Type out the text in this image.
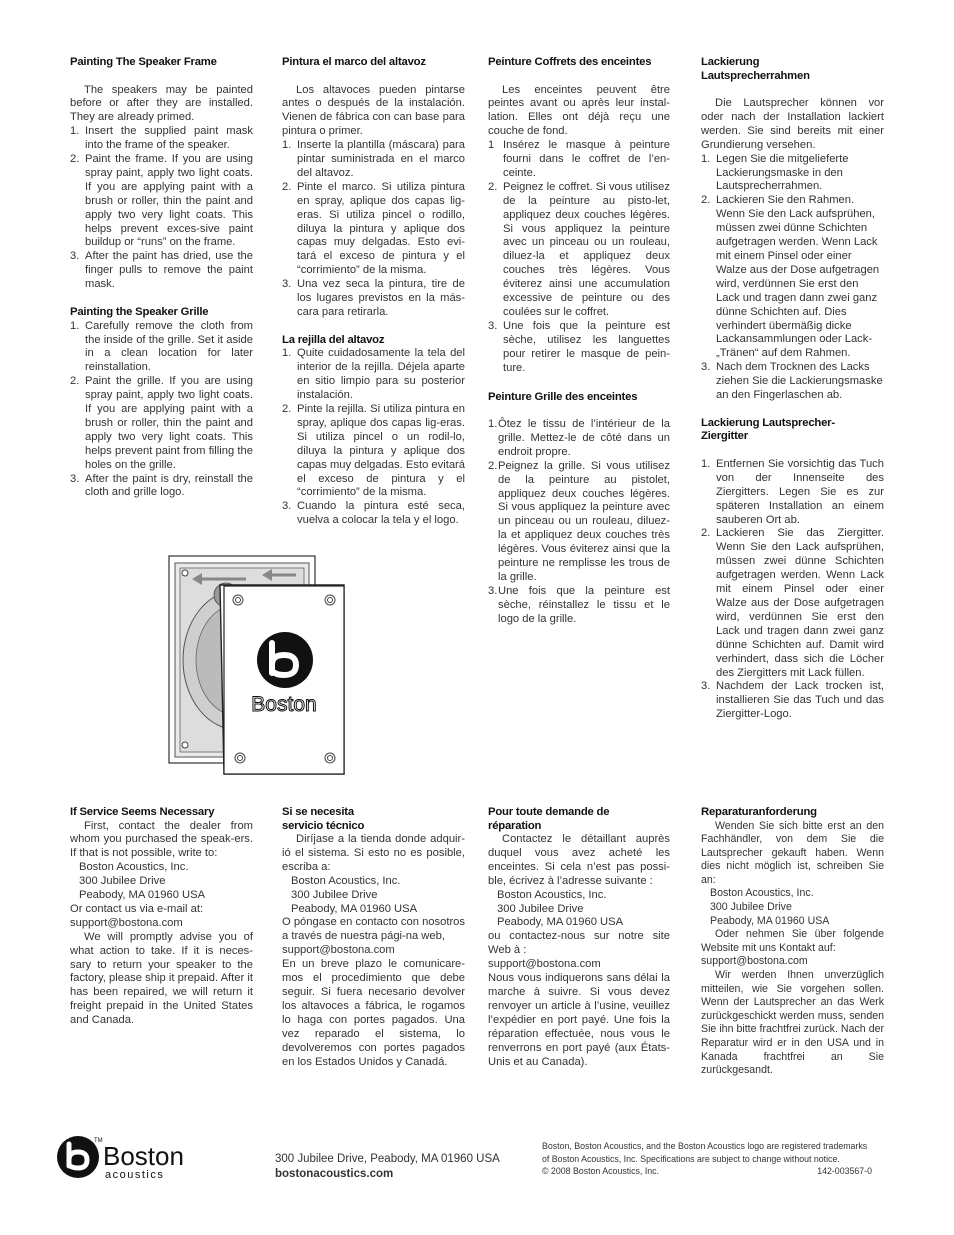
Painting The Speaker Frame

The speakers may be painted before or after they are installed. They are already primed.

1. Insert the supplied paint mask into the frame of the speaker.
2. Paint the frame. If you are using spray paint, apply two light coats. If you are applying paint with a brush or roller, thin the paint and apply two very light coats. This helps prevent exces-sive paint buildup or “runs” on the frame.
3. After the paint has dried, use the finger pulls to remove the paint mask.
Painting the Speaker Grille
1. Carefully remove the cloth from the inside of the grille. Set it aside in a clean location for later reinstallation.
2. Paint the grille. If you are using spray paint, apply two light coats. If you are applying paint with a brush or roller, thin the paint and apply two very light coats. This helps prevent paint from filling the holes on the grille.
3. After the paint is dry, reinstall the cloth and grille logo.
Pintura el marco del altavoz

Los altavoces pueden pintarse antes o después de la instalación. Vienen de fábrica con can base para pintura o primer.

1. Inserte la plantilla (máscara) para pintar suministrada en el marco del altavoz.
2. Pinte el marco. Si utiliza pintura en spray, aplique dos capas lig-eras. Si utiliza pincel o rodillo, diluya la pintura y aplique dos capas muy delgadas. Esto evi-tará el exceso de pintura y el “corrimiento” de la misma.
3. Una vez seca la pintura, tire de los lugares previstos en la más-cara para retirarla.
La rejilla del altavoz
1. Quite cuidadosamente la tela del interior de la rejilla. Déjela aparte en sitio limpio para su posterior instalación.
2. Pinte la rejilla. Si utiliza pintura en spray, aplique dos capas lig-eras. Si utiliza pincel o un rodil-lo, diluya la pintura y aplique dos capas muy delgadas. Esto evitará el exceso de pintura y el “corrimiento” de la misma.
3. Cuando la pintura esté seca, vuelva a colocar la tela y el logo.
Peinture Coffrets des enceintes

Les enceintes peuvent être peintes avant ou après leur instal-lation. Elles ont déjà reçu une couche de fond.

1 Insérez le masque à peinture fourni dans le coffret de l’en-ceinte.
2. Peignez le coffret. Si vous utilisez de la peinture au pisto-let, appliquez deux couches légères. Si vous appliquez la peinture avec un pinceau ou un rouleau, diluez-la et appliquez deux couches très légères. Vous éviterez ainsi une accumulation excessive de peinture ou des coulées sur le coffret.
3. Une fois que la peinture est sèche, utilisez les languettes pour retirer le masque de pein-ture.
Peinture Grille des enceintes
1. Ôtez le tissu de l’intérieur de la grille. Mettez-le de côté dans un endroit propre.
2. Peignez la grille. Si vous utilisez de la peinture au pistolet, appliquez deux couches légères. Si vous appliquez la peinture avec un pinceau ou un rouleau, diluez-la et appliquez deux couches très légères. Vous éviterez ainsi que la peinture ne remplisse les trous de la grille.
3. Une fois que la peinture est sèche, réinstallez le tissu et le logo de la grille.
Lackierung Lautsprecherrahmen

Die Lautsprecher können vor oder nach der Installation lackiert werden. Sie sind bereits mit einer Grundierung versehen.

1. Legen Sie die mitgelieferte Lackierungsmaske in den Lautsprecherrahmen.
2. Lackieren Sie den Rahmen. Wenn Sie den Lack aufsprühen, müssen zwei dünne Schichten aufgetragen werden. Wenn Lack mit einem Pinsel oder einer Walze aus der Dose aufgetragen wird, verdünnen Sie erst den Lack und tragen dann zwei ganz dünne Schichten auf. Dies verhindert übermäßig dicke Lackansammlungen oder Lack-„Tränen“ auf dem Rahmen.
3. Nach dem Trocknen des Lacks ziehen Sie die Lackierungsmaske an den Fingerlaschen ab.
Lackierung Lautsprecher-Ziergitter
1. Entfernen Sie vorsichtig das Tuch von der Innenseite des Ziergitters. Legen Sie es zur späteren Installation an einem sauberen Ort ab.
2. Lackieren Sie das Ziergitter. Wenn Sie den Lack aufsprühen, müssen zwei dünne Schichten aufgetragen werden. Wenn Lack mit einem Pinsel oder einer Walze aus der Dose aufgetragen wird, verdünnen Sie erst den Lack und tragen dann zwei ganz dünne Schichten auf. Damit wird verhindert, dass sich die Löcher des Ziergitters mit Lack füllen.
3. Nachdem der Lack trocken ist, installieren Sie das Tuch und das Ziergitter-Logo.
Boston
If Service Seems Necessary

First, contact the dealer from whom you purchased the speak-ers. If that is not possible, write to:

Boston Acoustics, Inc.
300 Jubilee Drive
Peabody, MA 01960 USA
Or contact us via e-mail at:
support@bostona.com

We will promptly advise you of what action to take. If it is neces-sary to return your speaker to the factory, please ship it prepaid. After it has been repaired, we will return it freight prepaid in the United States and Canada.

Si se necesita servicio técnico

Diríjase a la tienda donde adquir-ió el sistema. Si esto no es posible, escriba a:

Boston Acoustics, Inc.
300 Jubilee Drive
Peabody, MA 01960 USA

O póngase en contacto con nosotros a través de nuestra pági-na web,

support@bostona.com

En un breve plazo le comunicare-mos el procedimiento que debe seguir. Si fuera necesario devolver los altavoces a fábrica, le rogamos lo haga con portes pagados. Una vez reparado el sistema, lo devolveremos con portes pagados en los Estados Unidos y Canadá.

Pour toute demande de réparation

Contactez le détaillant auprès duquel vous avez acheté les enceintes. Si cela n’est pas possi-ble, écrivez à l’adresse suivante :

Boston Acoustics, Inc.
300 Jubilee Drive
Peabody, MA 01960 USA

ou contactez-nous sur notre site Web à :

support@bostona.com

Nous vous indiquerons sans délai la marche à suivre. Si vous devez renvoyer un article à l’usine, veuillez l’expédier en port payé. Une fois la réparation effectuée, nous vous le renverrons en port payé (aux États-Unis et au Canada).

Reparaturanforderung

Wenden Sie sich bitte erst an den Fachhändler, von dem Sie die Lautsprecher gekauft haben. Wenn dies nicht möglich ist, schreiben Sie an:

Boston Acoustics, Inc.
300 Jubilee Drive
Peabody, MA 01960 USA

Oder nehmen Sie über folgende Website mit uns Kontakt auf:

support@bostona.com

Wir werden Ihnen unverzüglich mitteilen, wie Sie vorgehen sollen. Wenn der Lautsprecher an das Werk zurückgeschickt werden muss, senden Sie ihn bitte frachtfrei zurück. Nach der Reparatur wird er in den USA und in Kanada frachtfrei an Sie zurückgesandt.

TM Boston
acoustics
300 Jubilee Drive, Peabody, MA 01960 USA
bostonacoustics.com
Boston, Boston Acoustics, and the Boston Acoustics logo are registered trademarks
of Boston Acoustics, Inc. Specifications are subject to change without notice.
© 2008 Boston Acoustics, Inc.	142-003567-0
